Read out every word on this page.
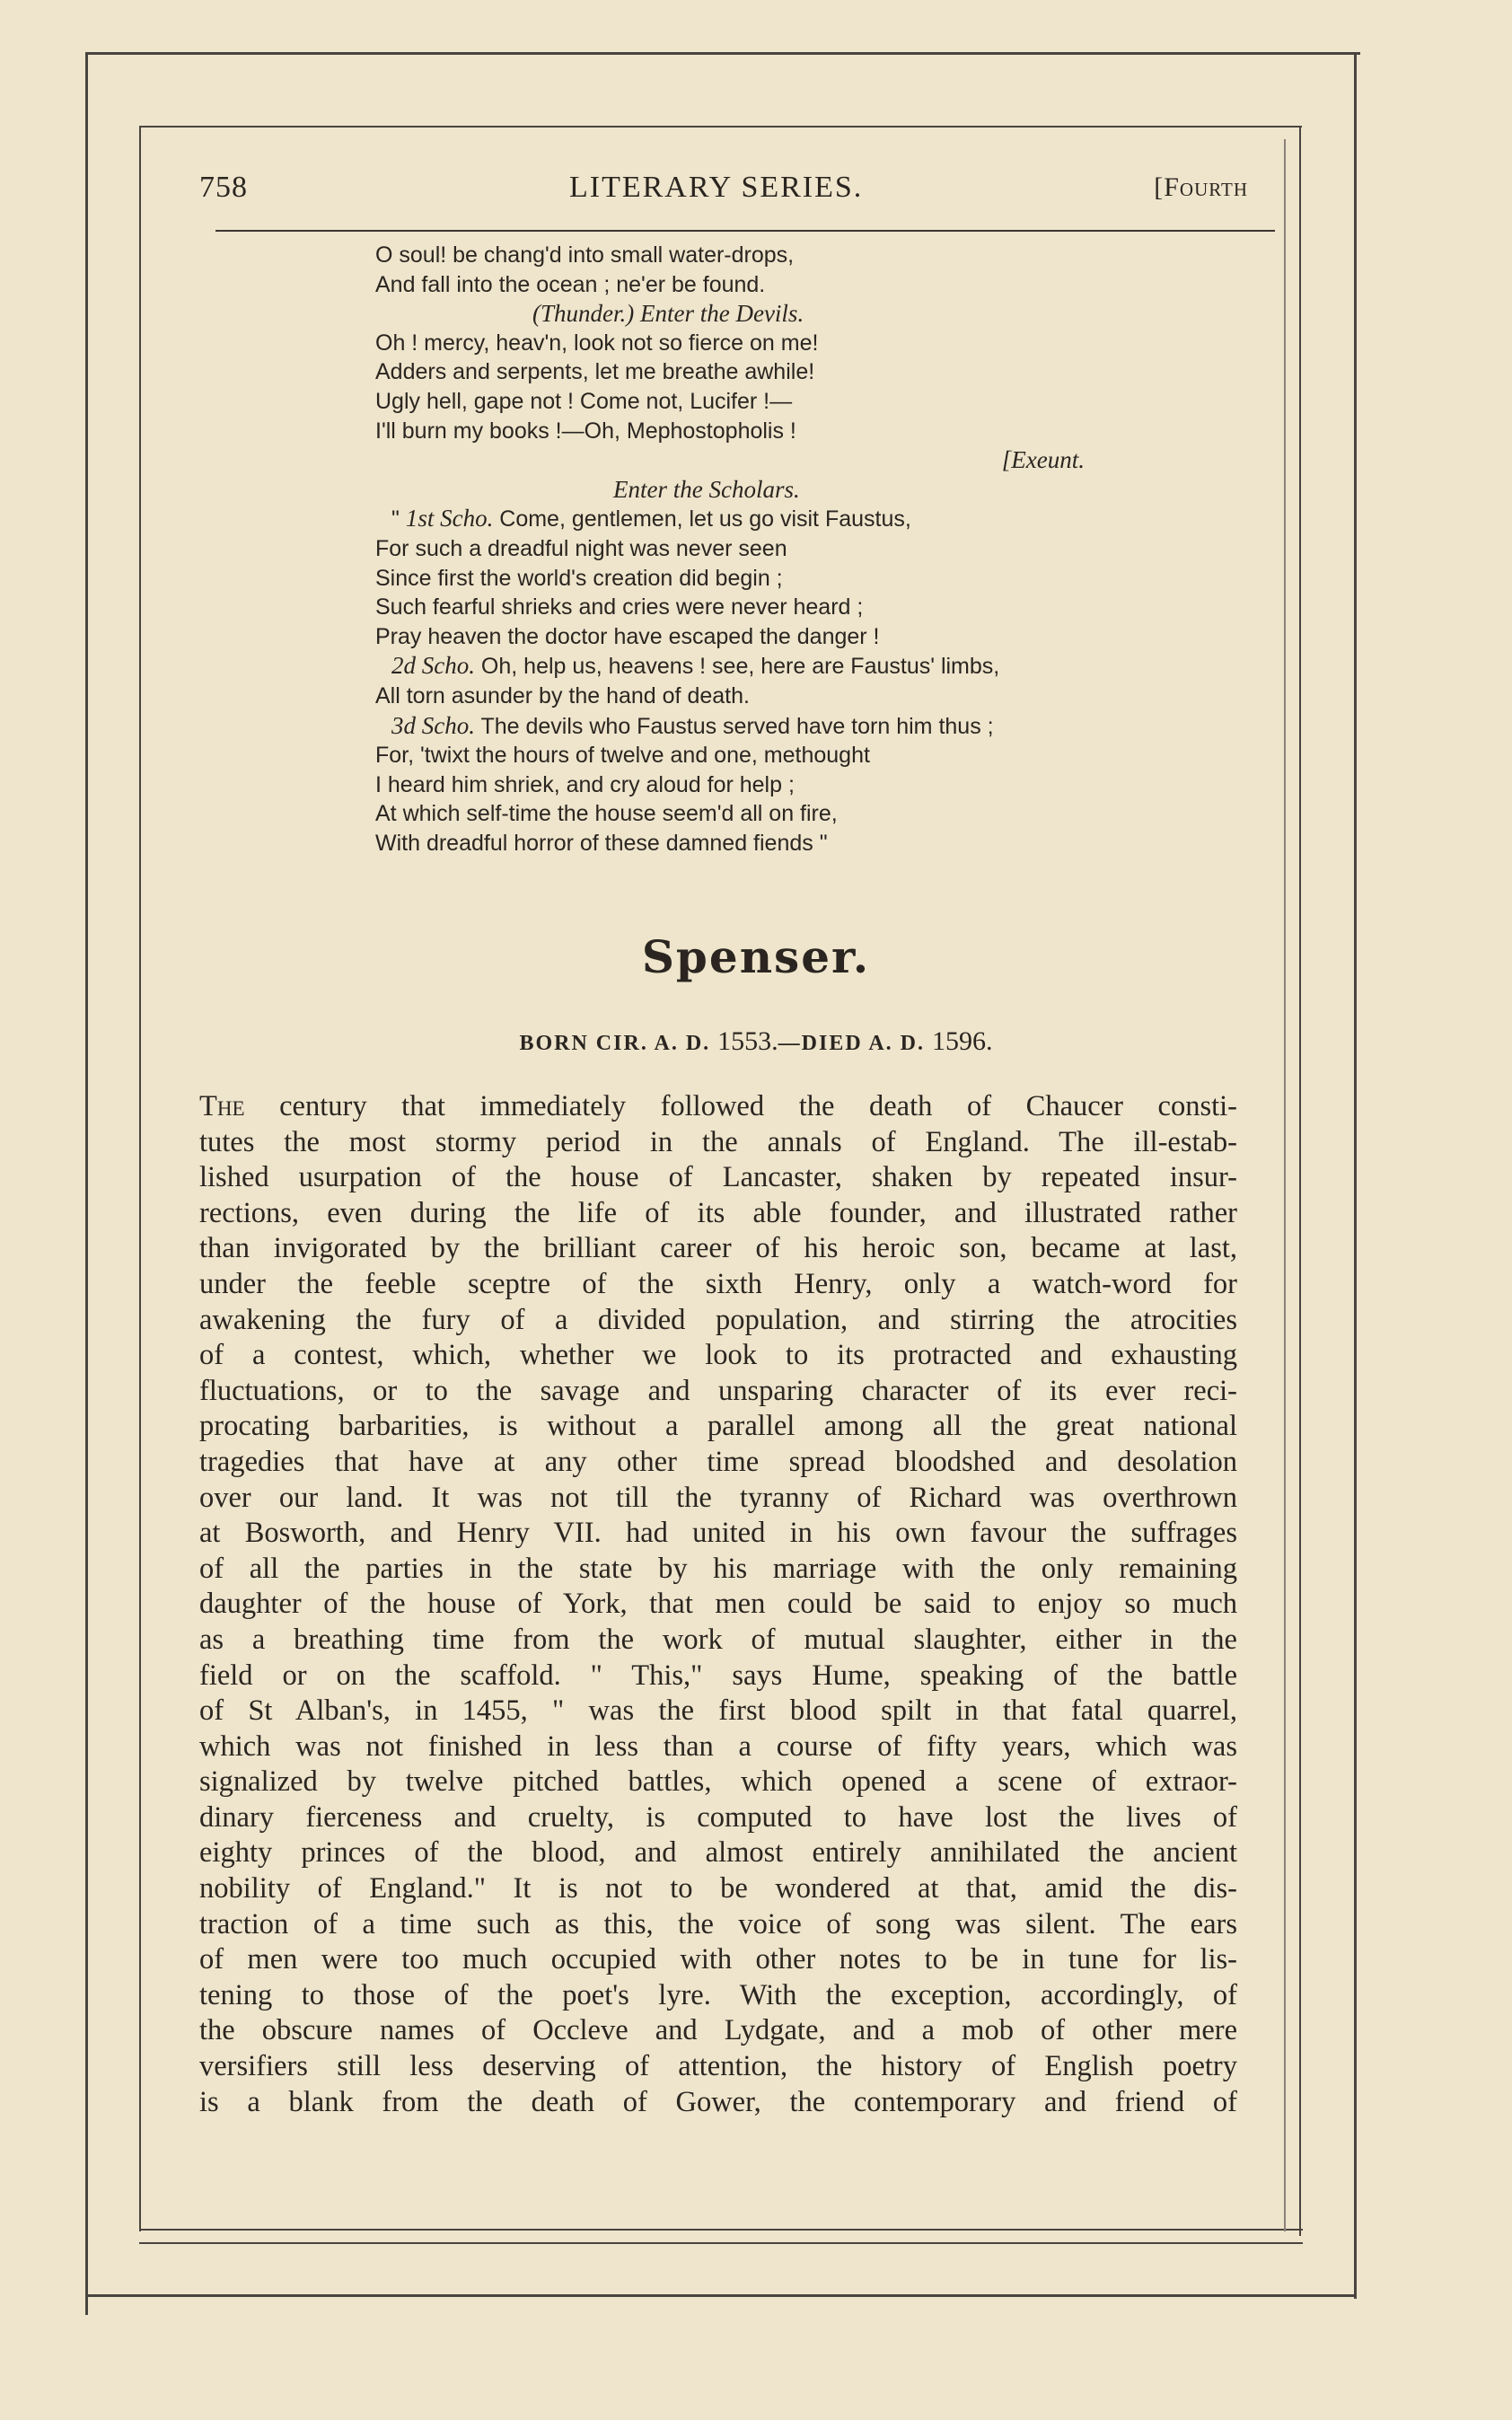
758	LITERARY SERIES.	[Fourth
O soul! be chang'd into small water-drops,
And fall into the ocean ; ne'er be found.
(Thunder.) Enter the Devils.
Oh ! mercy, heav'n, look not so fierce on me!
Adders and serpents, let me breathe awhile!
Ugly hell, gape not ! Come not, Lucifer !—
I'll burn my books !—Oh, Mephostopholis !
[Exeunt.
Enter the Scholars.
" 1st Scho. Come, gentlemen, let us go visit Faustus,
For such a dreadful night was never seen
Since first the world's creation did begin ;
Such fearful shrieks and cries were never heard ;
Pray heaven the doctor have escaped the danger !
2d Scho. Oh, help us, heavens ! see, here are Faustus' limbs,
All torn asunder by the hand of death.
3d Scho. The devils who Faustus served have torn him thus ;
For, 'twixt the hours of twelve and one, methought
I heard him shriek, and cry aloud for help ;
At which self-time the house seem'd all on fire,
With dreadful horror of these damned fiends "
Spenser.
BORN CIR. A. D. 1553.—DIED A. D. 1596.
The century that immediately followed the death of Chaucer consti-
tutes the most stormy period in the annals of England. The ill-estab-
lished usurpation of the house of Lancaster, shaken by repeated insur-
rections, even during the life of its able founder, and illustrated rather
than invigorated by the brilliant career of his heroic son, became at last,
under the feeble sceptre of the sixth Henry, only a watch-word for
awakening the fury of a divided population, and stirring the atrocities
of a contest, which, whether we look to its protracted and exhausting
fluctuations, or to the savage and unsparing character of its ever reci-
procating barbarities, is without a parallel among all the great national
tragedies that have at any other time spread bloodshed and desolation
over our land. It was not till the tyranny of Richard was overthrown
at Bosworth, and Henry VII. had united in his own favour the suffrages
of all the parties in the state by his marriage with the only remaining
daughter of the house of York, that men could be said to enjoy so much
as a breathing time from the work of mutual slaughter, either in the
field or on the scaffold. " This," says Hume, speaking of the battle
of St Alban's, in 1455, " was the first blood spilt in that fatal quarrel,
which was not finished in less than a course of fifty years, which was
signalized by twelve pitched battles, which opened a scene of extraor-
dinary fierceness and cruelty, is computed to have lost the lives of
eighty princes of the blood, and almost entirely annihilated the ancient
nobility of England." It is not to be wondered at that, amid the dis-
traction of a time such as this, the voice of song was silent. The ears
of men were too much occupied with other notes to be in tune for lis-
tening to those of the poet's lyre. With the exception, accordingly, of
the obscure names of Occleve and Lydgate, and a mob of other mere
versifiers still less deserving of attention, the history of English poetry
is a blank from the death of Gower, the contemporary and friend of
